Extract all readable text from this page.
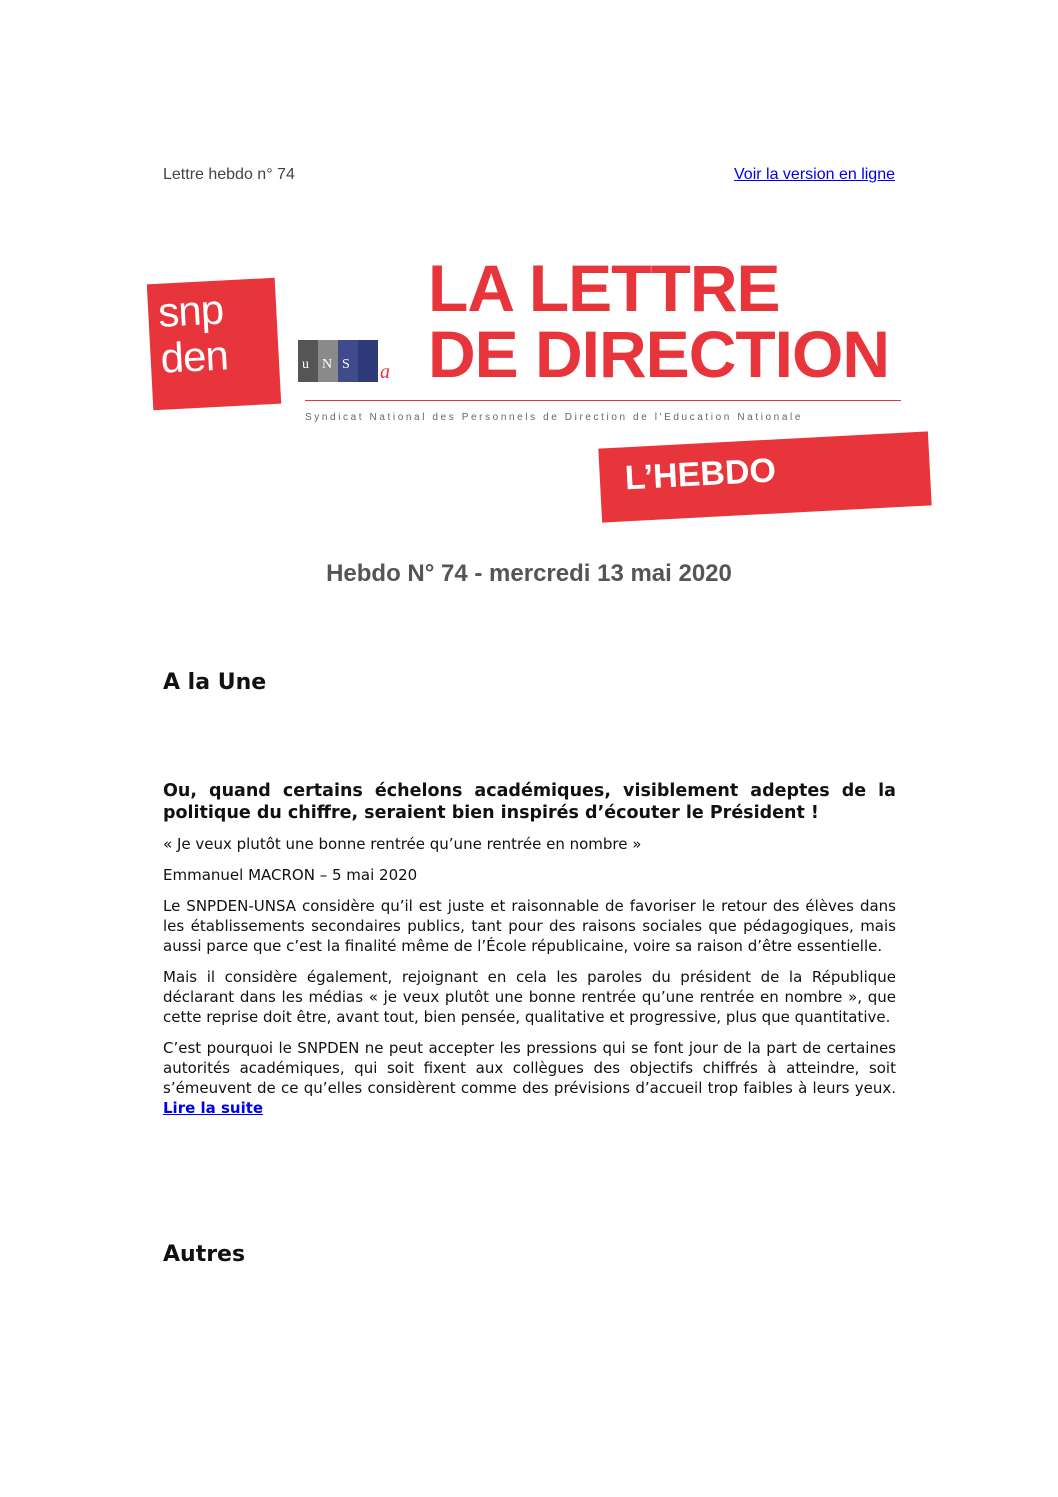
Lettre hebdo n° 74	Voir la version en ligne
snp
den	u N S a
LA LETTRE
DE DIRECTION
Syndicat National des Personnels de Direction de l'Education Nationale
L’HEBDO
Hebdo N° 74 - mercredi 13 mai 2020
A la Une
Ou, quand certains échelons académiques, visiblement adeptes de la politique du chiffre, seraient bien inspirés d’écouter le Président !

« Je veux plutôt une bonne rentrée qu’une rentrée en nombre »

Emmanuel MACRON – 5 mai 2020

Le SNPDEN-UNSA considère qu’il est juste et raisonnable de favoriser le retour des élèves dans les établissements secondaires publics, tant pour des raisons sociales que pédagogiques, mais aussi parce que c’est la finalité même de l’École républicaine, voire sa raison d’être essentielle.

Mais il considère également, rejoignant en cela les paroles du président de la République déclarant dans les médias « je veux plutôt une bonne rentrée qu’une rentrée en nombre », que cette reprise doit être, avant tout, bien pensée, qualitative et progressive, plus que quantitative.

C’est pourquoi le SNPDEN ne peut accepter les pressions qui se font jour de la part de certaines autorités académiques, qui soit fixent aux collègues des objectifs chiffrés à atteindre, soit s’émeuvent de ce qu’elles considèrent comme des prévisions d’accueil trop faibles à leurs yeux. Lire la suite

Autres
